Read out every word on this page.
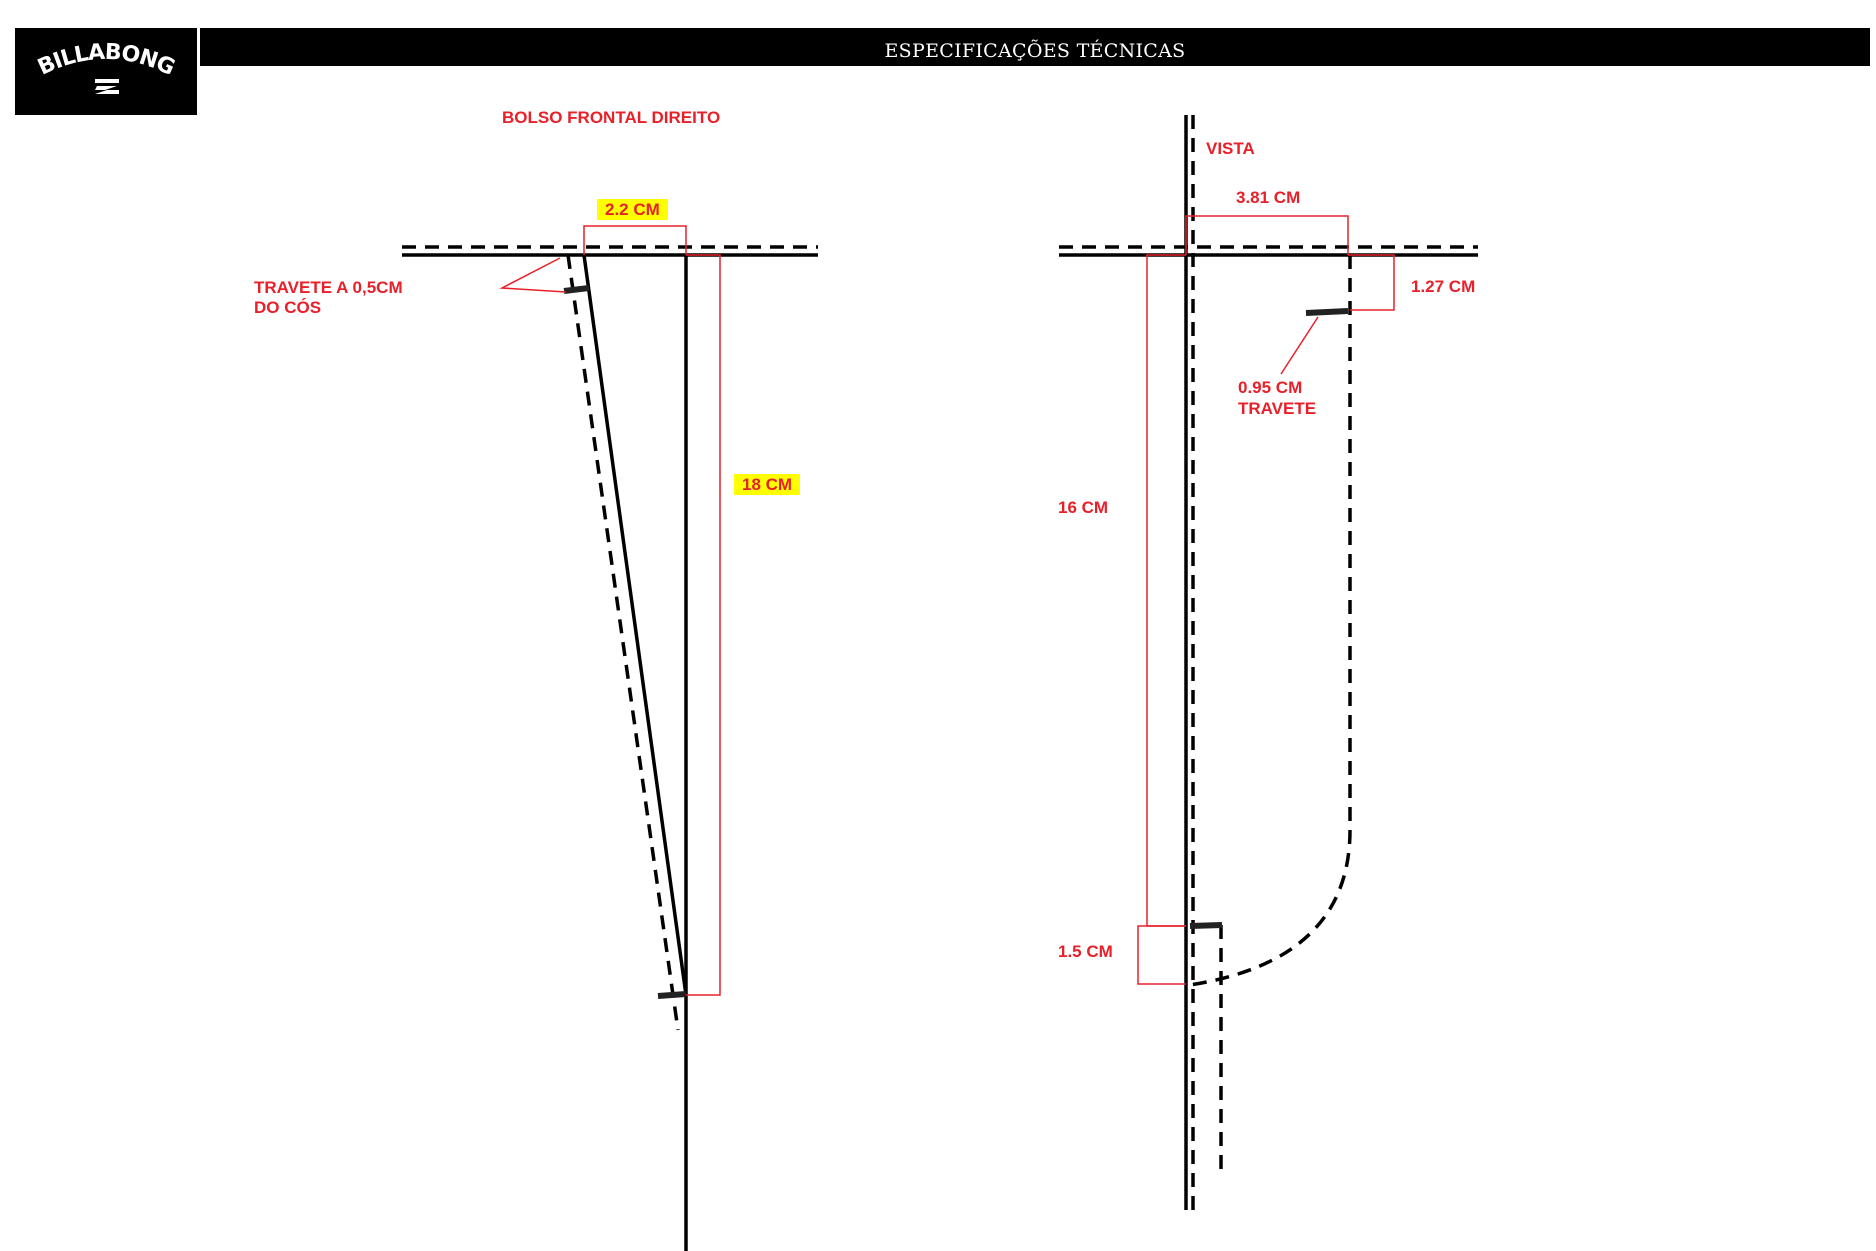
BILLABONG	ESPECIFICAÇÕES TÉCNICAS
BOLSO FRONTAL DIREITO
2.2 CM
18 CM
TRAVETE A 0,5CM
DO CÓS
VISTA
3.81 CM
1.27 CM
0.95 CM
TRAVETE
16 CM
1.5 CM
